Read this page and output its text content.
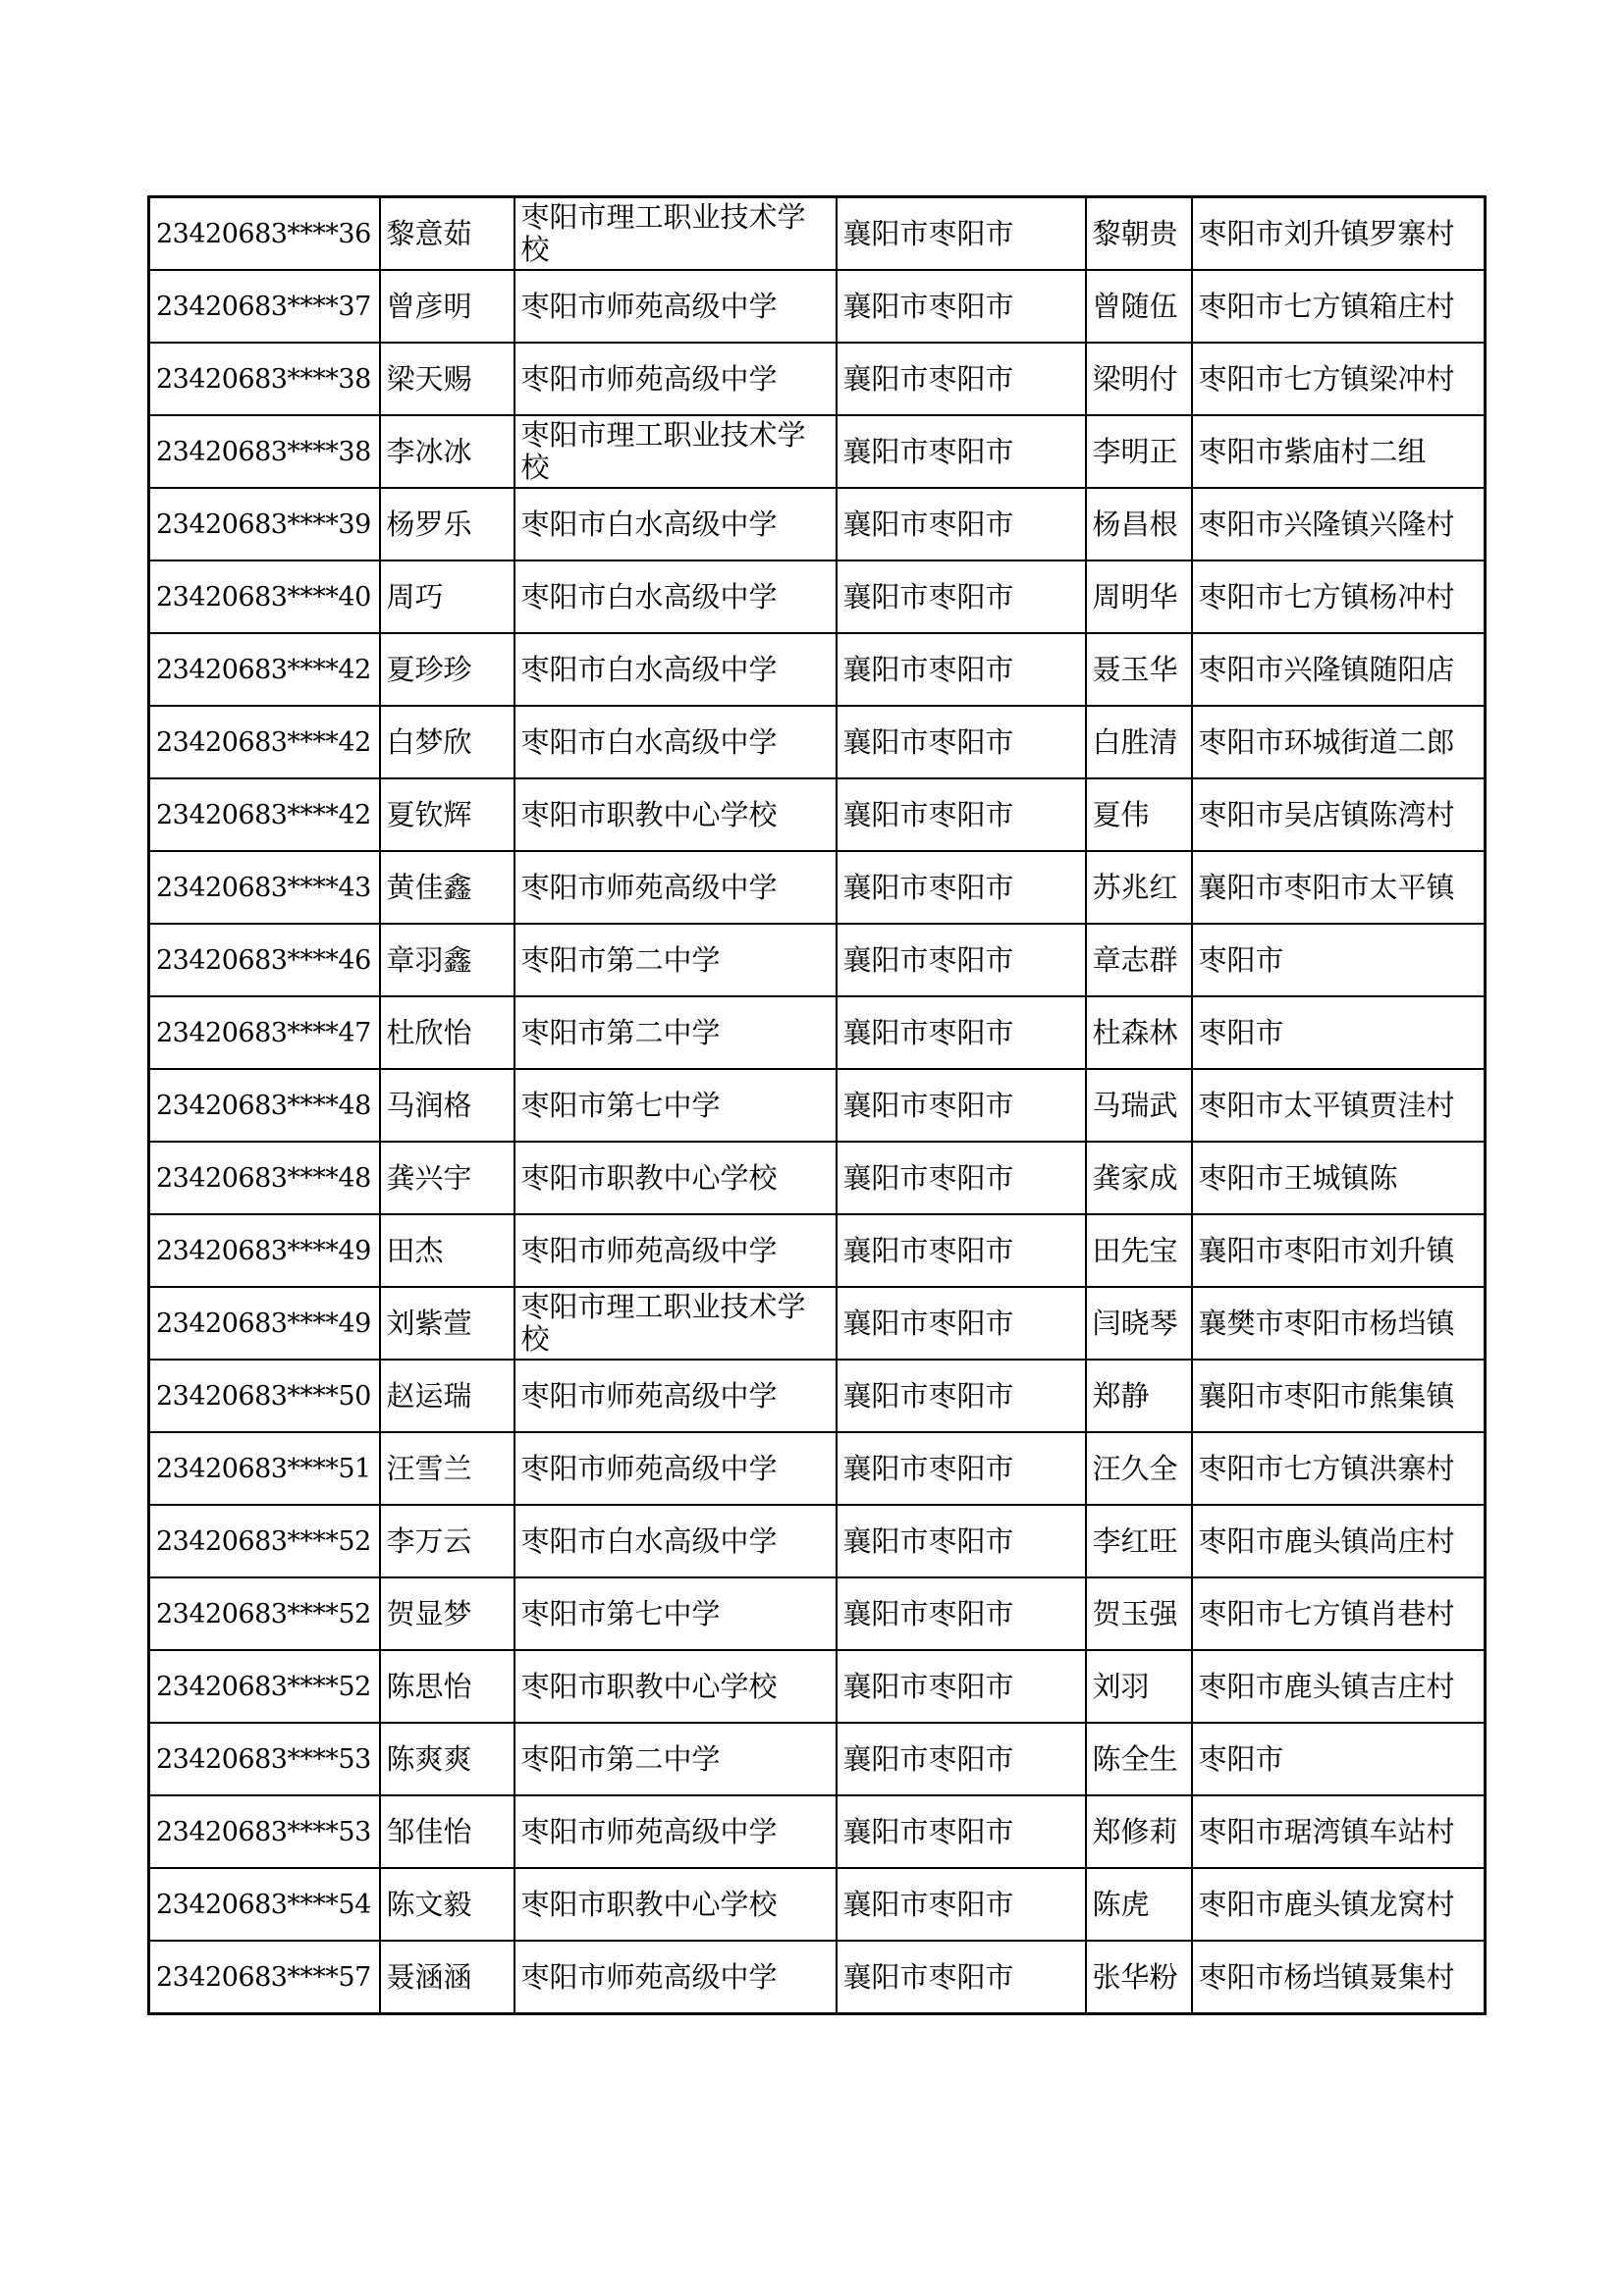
23420683****36	黎意茹	枣阳市理工职业技术学校	襄阳市枣阳市	黎朝贵	枣阳市刘升镇罗寨村
23420683****37	曾彦明	枣阳市师苑高级中学	襄阳市枣阳市	曾随伍	枣阳市七方镇箱庄村
23420683****38	梁天赐	枣阳市师苑高级中学	襄阳市枣阳市	梁明付	枣阳市七方镇梁冲村
23420683****38	李冰冰	枣阳市理工职业技术学校	襄阳市枣阳市	李明正	枣阳市紫庙村二组
23420683****39	杨罗乐	枣阳市白水高级中学	襄阳市枣阳市	杨昌根	枣阳市兴隆镇兴隆村
23420683****40	周巧	枣阳市白水高级中学	襄阳市枣阳市	周明华	枣阳市七方镇杨冲村
23420683****42	夏珍珍	枣阳市白水高级中学	襄阳市枣阳市	聂玉华	枣阳市兴隆镇随阳店
23420683****42	白梦欣	枣阳市白水高级中学	襄阳市枣阳市	白胜清	枣阳市环城街道二郎
23420683****42	夏钦辉	枣阳市职教中心学校	襄阳市枣阳市	夏伟	枣阳市吴店镇陈湾村
23420683****43	黄佳鑫	枣阳市师苑高级中学	襄阳市枣阳市	苏兆红	襄阳市枣阳市太平镇
23420683****46	章羽鑫	枣阳市第二中学	襄阳市枣阳市	章志群	枣阳市
23420683****47	杜欣怡	枣阳市第二中学	襄阳市枣阳市	杜森林	枣阳市
23420683****48	马润格	枣阳市第七中学	襄阳市枣阳市	马瑞武	枣阳市太平镇贾洼村
23420683****48	龚兴宇	枣阳市职教中心学校	襄阳市枣阳市	龚家成	枣阳市王城镇陈
23420683****49	田杰	枣阳市师苑高级中学	襄阳市枣阳市	田先宝	襄阳市枣阳市刘升镇
23420683****49	刘紫萱	枣阳市理工职业技术学校	襄阳市枣阳市	闫晓琴	襄樊市枣阳市杨垱镇
23420683****50	赵运瑞	枣阳市师苑高级中学	襄阳市枣阳市	郑静	襄阳市枣阳市熊集镇
23420683****51	汪雪兰	枣阳市师苑高级中学	襄阳市枣阳市	汪久全	枣阳市七方镇洪寨村
23420683****52	李万云	枣阳市白水高级中学	襄阳市枣阳市	李红旺	枣阳市鹿头镇尚庄村
23420683****52	贺显梦	枣阳市第七中学	襄阳市枣阳市	贺玉强	枣阳市七方镇肖巷村
23420683****52	陈思怡	枣阳市职教中心学校	襄阳市枣阳市	刘羽	枣阳市鹿头镇吉庄村
23420683****53	陈爽爽	枣阳市第二中学	襄阳市枣阳市	陈全生	枣阳市
23420683****53	邹佳怡	枣阳市师苑高级中学	襄阳市枣阳市	郑修莉	枣阳市琚湾镇车站村
23420683****54	陈文毅	枣阳市职教中心学校	襄阳市枣阳市	陈虎	枣阳市鹿头镇龙窝村
23420683****57	聂涵涵	枣阳市师苑高级中学	襄阳市枣阳市	张华粉	枣阳市杨垱镇聂集村
